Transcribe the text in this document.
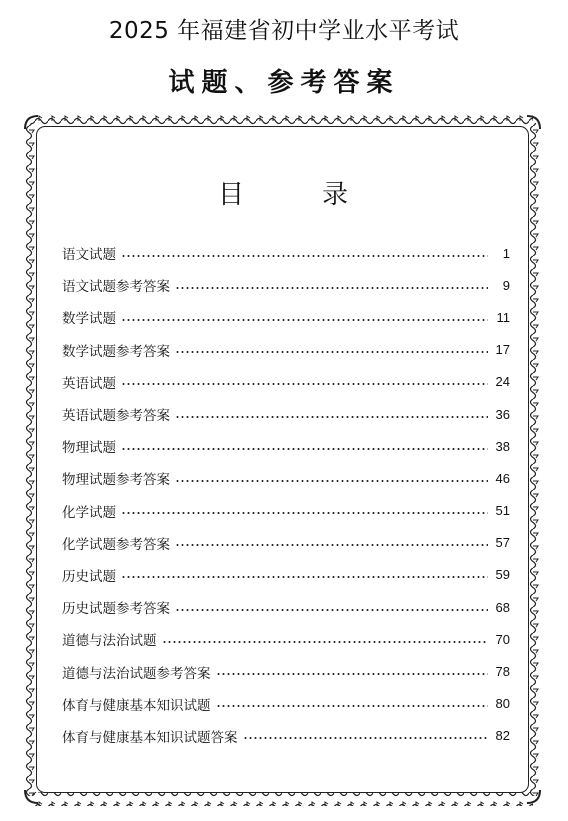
2025 年福建省初中学业水平考试
试题、参考答案
目	录
语文试题	1
语文试题参考答案	9
数学试题	11
数学试题参考答案	17
英语试题	24
英语试题参考答案	36
物理试题	38
物理试题参考答案	46
化学试题	51
化学试题参考答案	57
历史试题	59
历史试题参考答案	68
道德与法治试题	70
道德与法治试题参考答案	78
体育与健康基本知识试题	80
体育与健康基本知识试题答案	82
